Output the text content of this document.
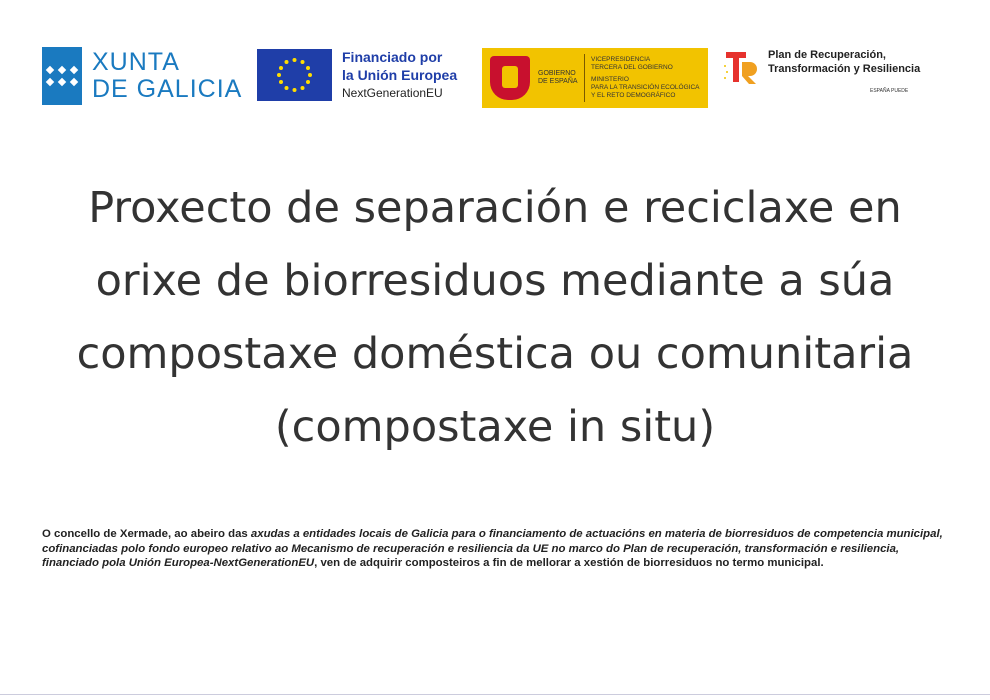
XUNTA
DE GALICIA
Financiado por
la Unión Europea
NextGenerationEU
GOBIERNO
DE ESPAÑA
VICEPRESIDENCIA
TERCERA DEL GOBIERNO
MINISTERIO
PARA LA TRANSICIÓN ECOLÓGICA
Y EL RETO DEMOGRÁFICO
Plan de Recuperación,
Transformación y Resiliencia
ESPAÑA PUEDE
Proxecto de separación e reciclaxe en
orixe de biorresiduos mediante a súa
compostaxe doméstica ou comunitaria
(compostaxe in situ)
O concello de Xermade, ao abeiro das axudas a entidades locais de Galicia para o financiamento de actuacións en materia de biorresiduos de competencia municipal, cofinanciadas polo fondo europeo relativo ao Mecanismo de recuperación e resiliencia da UE no marco do Plan de recuperación, transformación e resiliencia, financiado pola Unión Europea-NextGenerationEU, ven de adquirir composteiros a fin de mellorar a xestión de biorresiduos no termo municipal.
